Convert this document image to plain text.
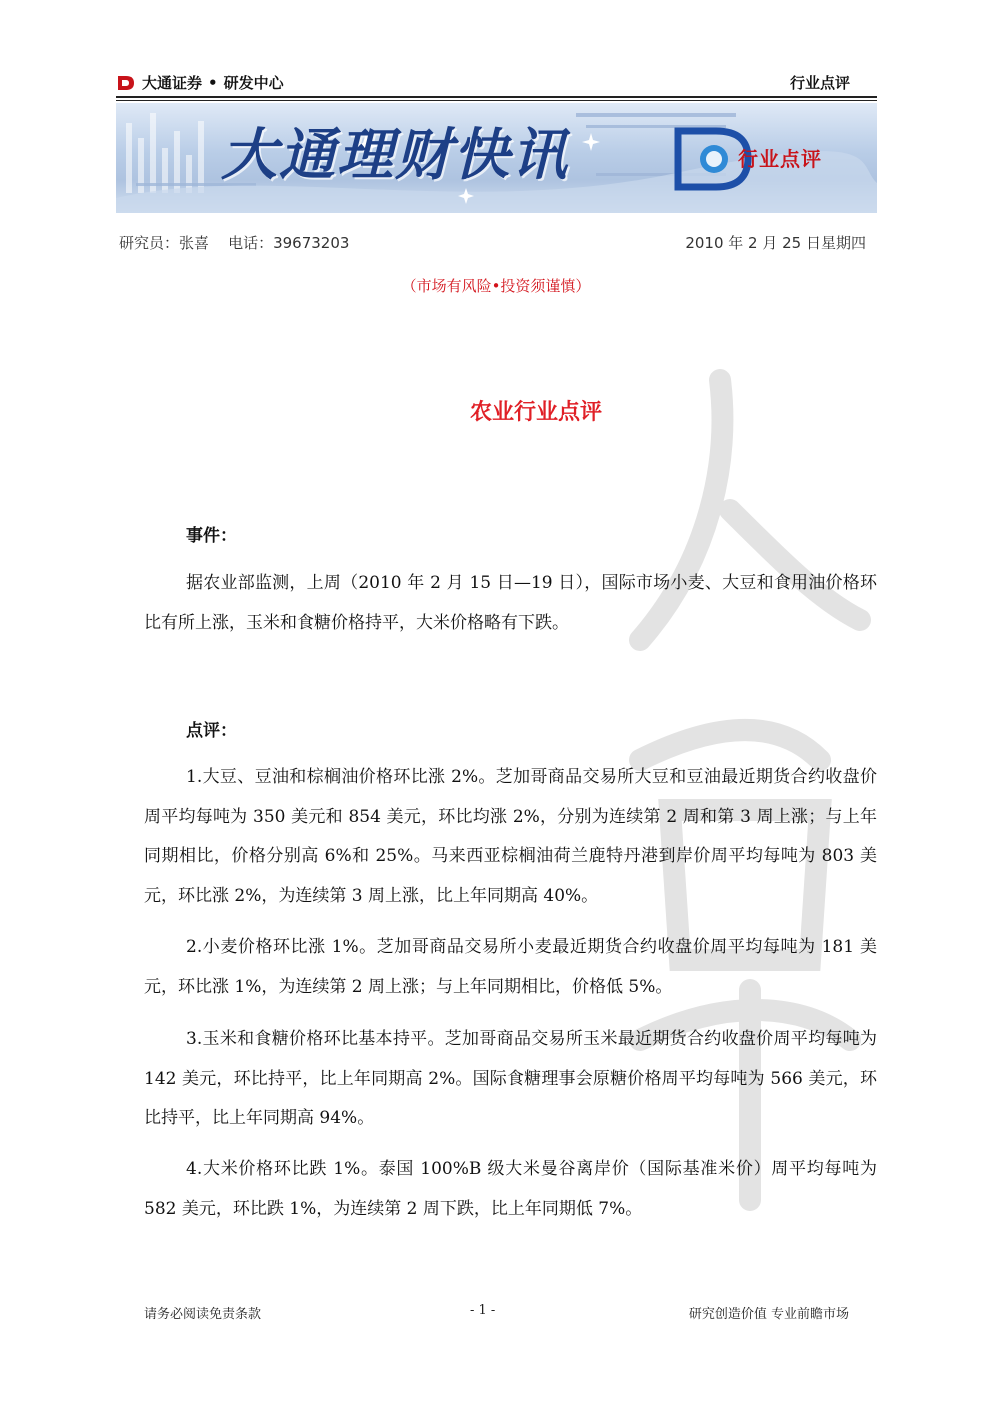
大通证券 • 研发中心	行业点评
大通理财快讯	行业点评
研究员：张喜    电话：39673203	2010 年 2 月 25 日星期四
（市场有风险•投资须谨慎）
农业行业点评
事件：
据农业部监测，上周（2010 年 2 月 15 日—19 日），国际市场小麦、大豆和食用油价格环比有所上涨，玉米和食糖价格持平，大米价格略有下跌。
点评：
1.大豆、豆油和棕榈油价格环比涨 2%。芝加哥商品交易所大豆和豆油最近期货合约收盘价周平均每吨为 350 美元和 854 美元，环比均涨 2%，分别为连续第 2 周和第 3 周上涨；与上年同期相比，价格分别高 6%和 25%。马来西亚棕榈油荷兰鹿特丹港到岸价周平均每吨为 803 美元，环比涨 2%，为连续第 3 周上涨，比上年同期高 40%。
2.小麦价格环比涨 1%。芝加哥商品交易所小麦最近期货合约收盘价周平均每吨为 181 美元，环比涨 1%，为连续第 2 周上涨；与上年同期相比，价格低 5%。
3.玉米和食糖价格环比基本持平。芝加哥商品交易所玉米最近期货合约收盘价周平均每吨为 142 美元，环比持平，比上年同期高 2%。国际食糖理事会原糖价格周平均每吨为 566 美元，环比持平，比上年同期高 94%。
4.大米价格环比跌 1%。泰国 100%B 级大米曼谷离岸价（国际基准米价）周平均每吨为 582 美元，环比跌 1%，为连续第 2 周下跌，比上年同期低 7%。
请务必阅读免责条款	- 1 -	研究创造价值 专业前瞻市场
